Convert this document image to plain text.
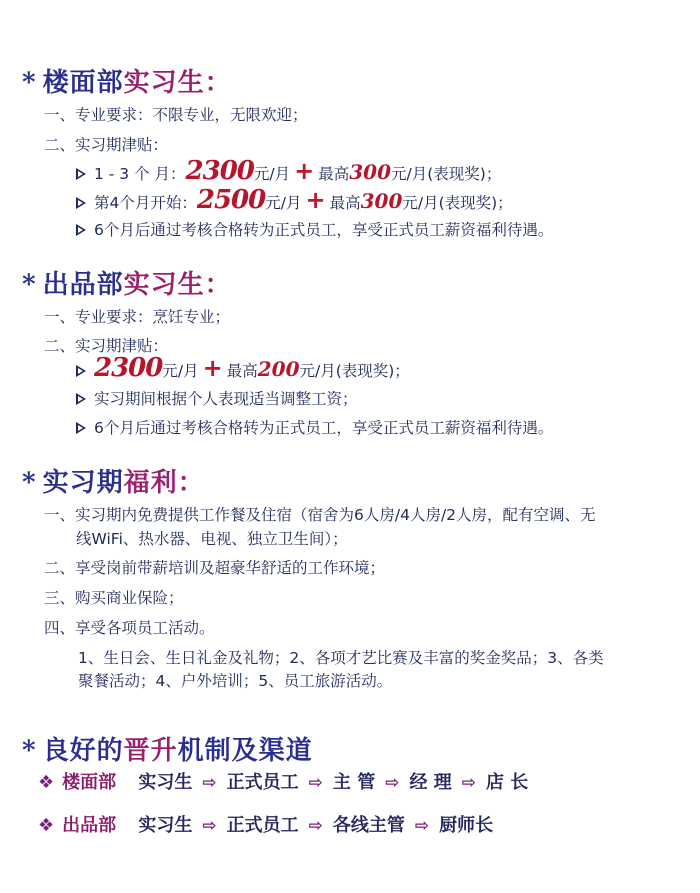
* 楼面部实习生：
一、专业要求：不限专业，无限欢迎；
二、实习期津贴：
1 - 3 个 月：2300元/月 + 最高300元/月(表现奖)；
第4个月开始：2500元/月 + 最高300元/月(表现奖)；
6个月后通过考核合格转为正式员工，享受正式员工薪资福利待遇。
* 出品部实习生：
一、专业要求：烹饪专业；
二、实习期津贴：
2300元/月 + 最高200元/月(表现奖)；
实习期间根据个人表现适当调整工资；
6个月后通过考核合格转为正式员工，享受正式员工薪资福利待遇。
* 实习期福利：
一、实习期内免费提供工作餐及住宿（宿舍为6人房/4人房/2人房，配有空调、无
线WiFi、热水器、电视、独立卫生间）；
二、享受岗前带薪培训及超豪华舒适的工作环境；
三、购买商业保险；
四、享受各项员工活动。
1、生日会、生日礼金及礼物；2、各项才艺比赛及丰富的奖金奖品；3、各类
聚餐活动；4、户外培训；5、员工旅游活动。
* 良好的晋升机制及渠道
❖ 楼面部 实习生 ⇨ 正式员工 ⇨ 主 管 ⇨ 经 理 ⇨ 店 长
❖ 出品部 实习生 ⇨ 正式员工 ⇨ 各线主管 ⇨ 厨师长
